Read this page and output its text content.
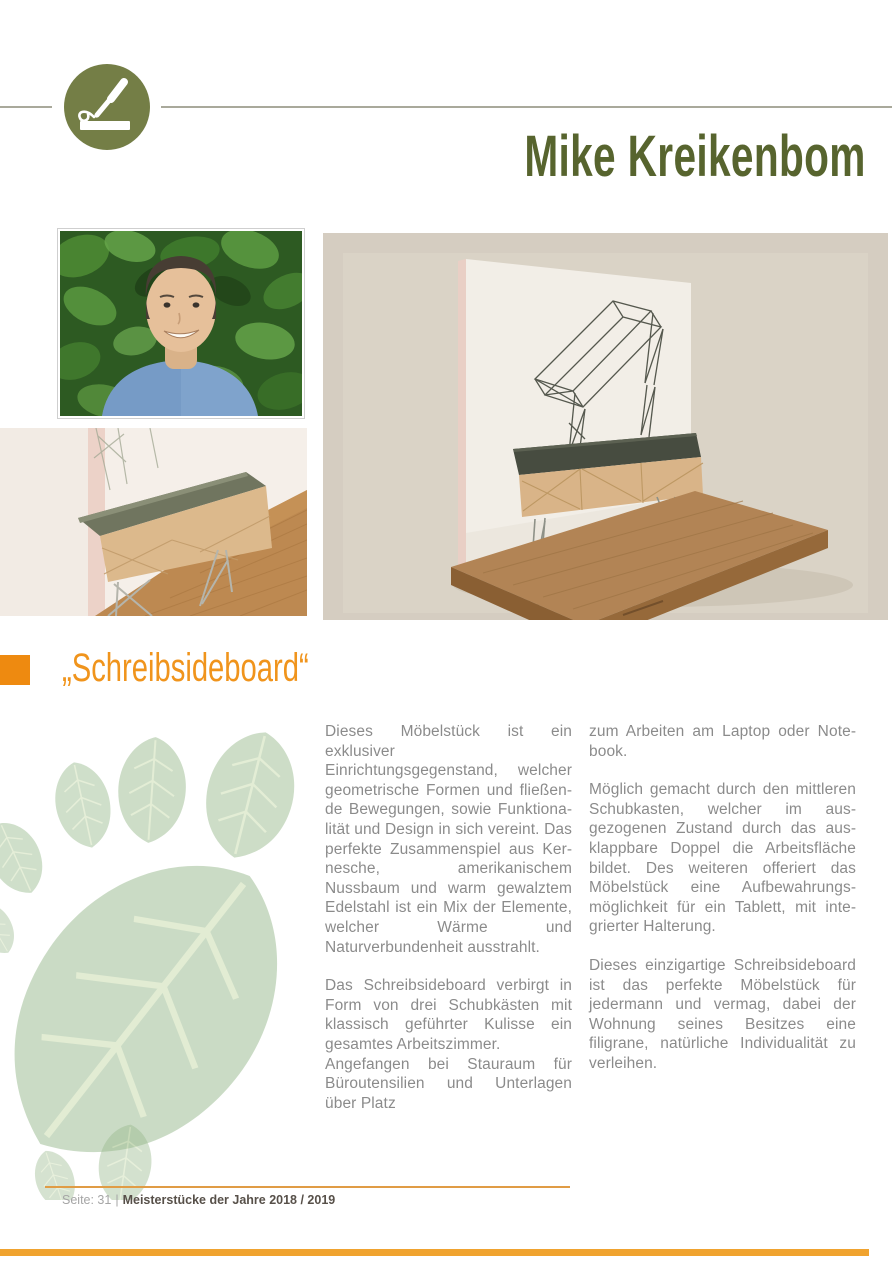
Mike Kreikenbom
„Schreibsideboard“

Dieses Möbelstück ist ein exklusiver Einrichtungsgegenstand, welcher geometrische Formen und fließende Bewegungen, sowie Funktionalität und Design in sich vereint. Das perfekte Zusammenspiel aus Kernesche, amerikanischem Nussbaum und warm gewalztem Edelstahl ist ein Mix der Elemente, welcher Wärme und Naturverbundenheit ausstrahlt.

Das Schreibsideboard verbirgt in Form von drei Schubkästen mit klassisch geführter Kulisse ein gesamtes Arbeitszimmer.

Angefangen bei Stauraum für Büroutensilien und Unterlagen über Platz

zum Arbeiten am Laptop oder Notebook.

Möglich gemacht durch den mittleren Schubkasten, welcher im ausgezogenen Zustand durch das ausklappbare Doppel die Arbeitsfläche bildet. Des weiteren offeriert das Möbelstück eine Aufbewahrungsmöglichkeit für ein Tablett, mit integrierter Halterung.

Dieses einzigartige Schreibsideboard ist das perfekte Möbelstück für jedermann und vermag, dabei der Wohnung seines Besitzes eine filigrane, natürliche Individualität zu verleihen.

Seite: 31 | Meisterstücke der Jahre 2018 / 2019
